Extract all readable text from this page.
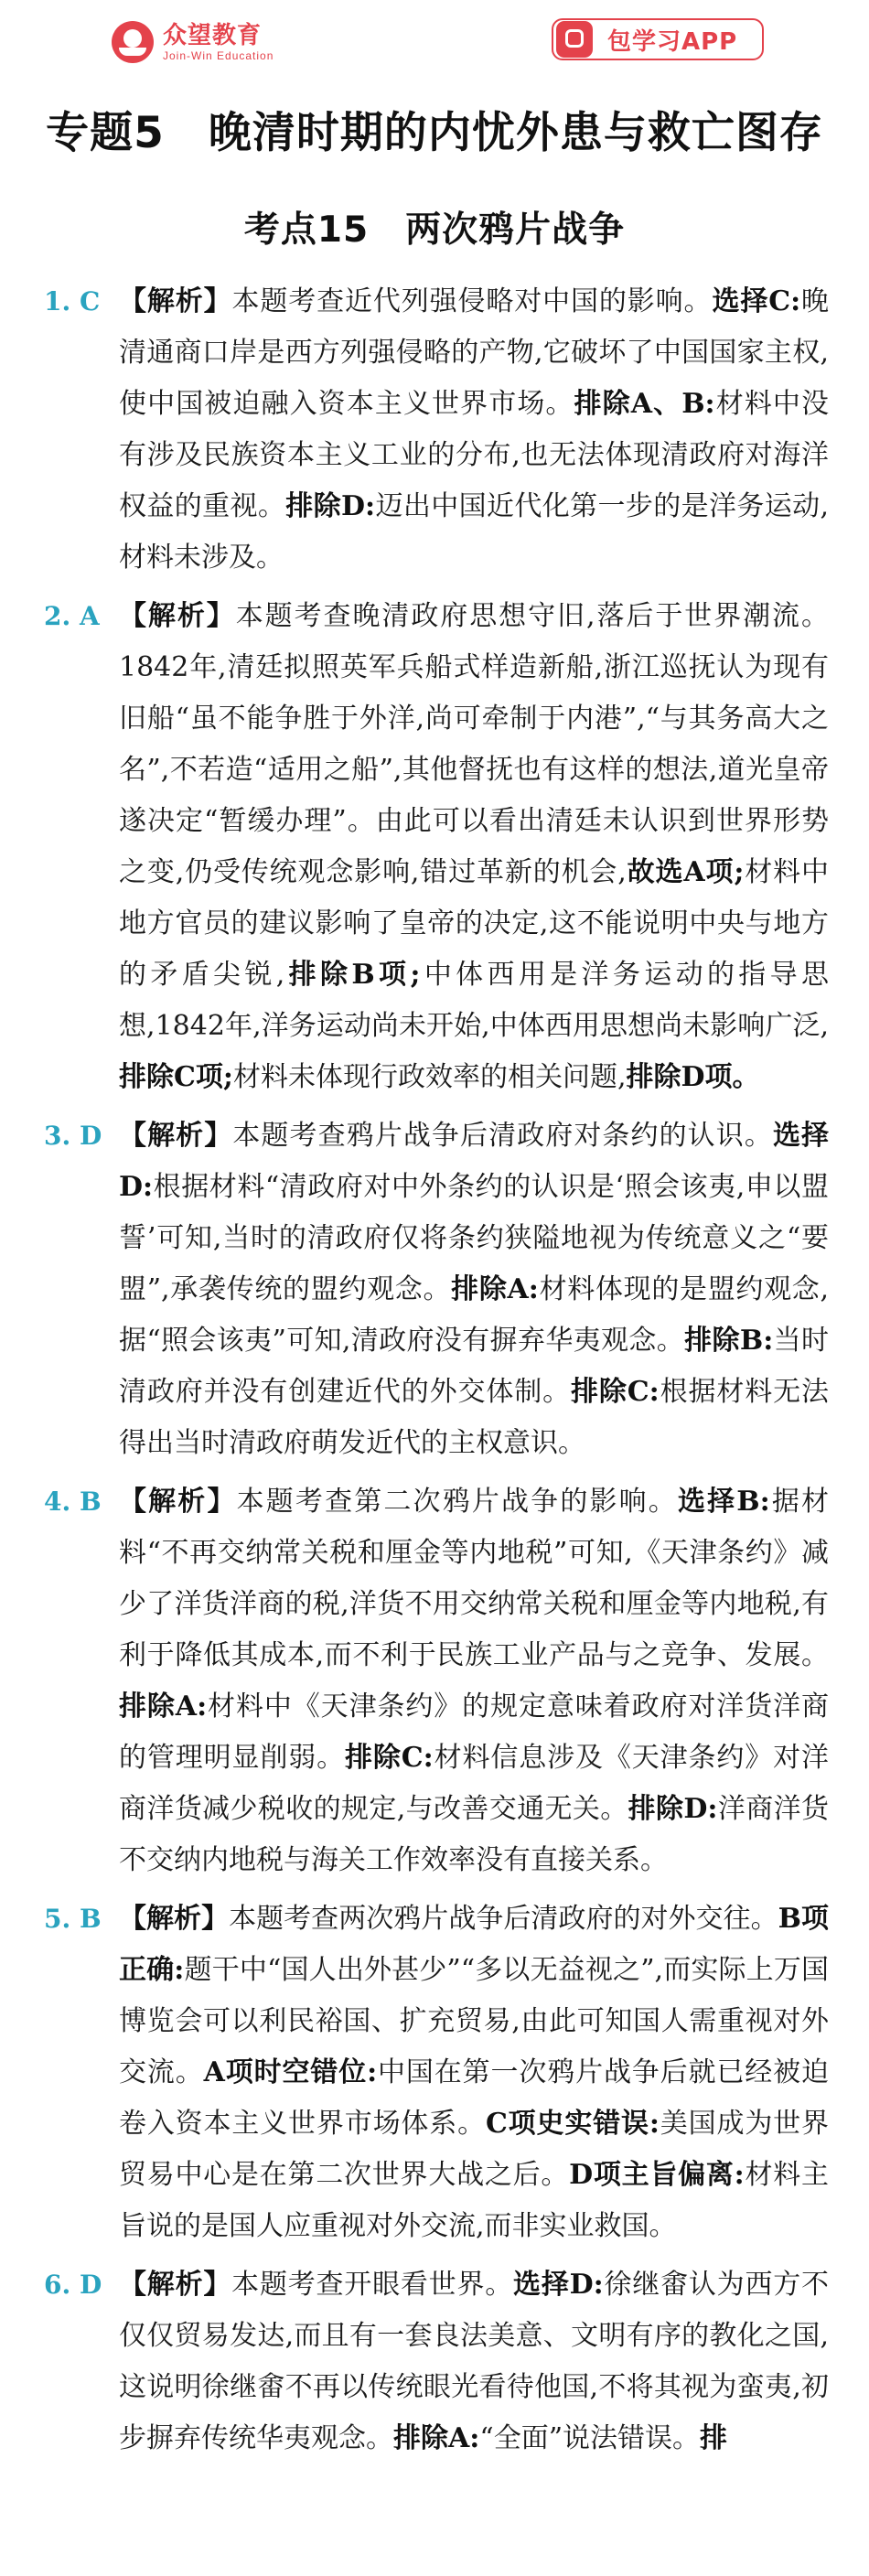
众望教育
Join-Win Education
包学习APP
专题5　晚清时期的内忧外患与救亡图存
考点15　两次鸦片战争
1. C 【解析】本题考查近代列强侵略对中国的影响。选择C:晚清通商口岸是西方列强侵略的产物,它破坏了中国国家主权,使中国被迫融入资本主义世界市场。排除A、B:材料中没有涉及民族资本主义工业的分布,也无法体现清政府对海洋权益的重视。排除D:迈出中国近代化第一步的是洋务运动,材料未涉及。
2. A 【解析】本题考查晚清政府思想守旧,落后于世界潮流。1842年,清廷拟照英军兵船式样造新船,浙江巡抚认为现有旧船“虽不能争胜于外洋,尚可牵制于内港”,“与其务高大之名”,不若造“适用之船”,其他督抚也有这样的想法,道光皇帝遂决定“暂缓办理”。由此可以看出清廷未认识到世界形势之变,仍受传统观念影响,错过革新的机会,故选A项;材料中地方官员的建议影响了皇帝的决定,这不能说明中央与地方的矛盾尖锐,排除B项;中体西用是洋务运动的指导思想,1842年,洋务运动尚未开始,中体西用思想尚未影响广泛,排除C项;材料未体现行政效率的相关问题,排除D项。
3. D 【解析】本题考查鸦片战争后清政府对条约的认识。选择D:根据材料“清政府对中外条约的认识是‘照会该夷,申以盟誓’可知,当时的清政府仅将条约狭隘地视为传统意义之“要盟”,承袭传统的盟约观念。排除A:材料体现的是盟约观念,据“照会该夷”可知,清政府没有摒弃华夷观念。排除B:当时清政府并没有创建近代的外交体制。排除C:根据材料无法得出当时清政府萌发近代的主权意识。
4. B 【解析】本题考查第二次鸦片战争的影响。选择B:据材料“不再交纳常关税和厘金等内地税”可知,《天津条约》减少了洋货洋商的税,洋货不用交纳常关税和厘金等内地税,有利于降低其成本,而不利于民族工业产品与之竞争、发展。排除A:材料中《天津条约》的规定意味着政府对洋货洋商的管理明显削弱。排除C:材料信息涉及《天津条约》对洋商洋货减少税收的规定,与改善交通无关。排除D:洋商洋货不交纳内地税与海关工作效率没有直接关系。
5. B 【解析】本题考查两次鸦片战争后清政府的对外交往。B项正确:题干中“国人出外甚少”“多以无益视之”,而实际上万国博览会可以利民裕国、扩充贸易,由此可知国人需重视对外交流。A项时空错位:中国在第一次鸦片战争后就已经被迫卷入资本主义世界市场体系。C项史实错误:美国成为世界贸易中心是在第二次世界大战之后。D项主旨偏离:材料主旨说的是国人应重视对外交流,而非实业救国。
6. D 【解析】本题考查开眼看世界。选择D:徐继畬认为西方不仅仅贸易发达,而且有一套良法美意、文明有序的教化之国,这说明徐继畬不再以传统眼光看待他国,不将其视为蛮夷,初步摒弃传统华夷观念。排除A:“全面”说法错误。排
